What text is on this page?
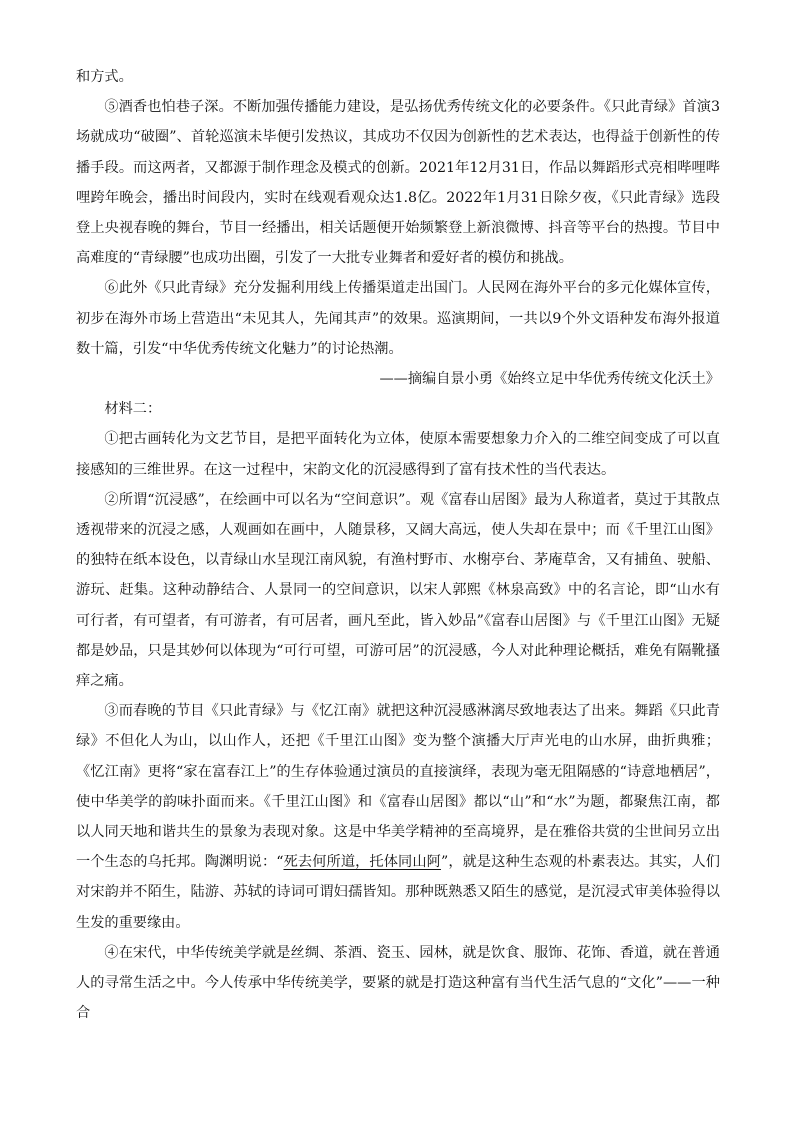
和方式。

⑤酒香也怕巷子深。不断加强传播能力建设，是弘扬优秀传统文化的必要条件。《只此青绿》首演3场就成功“破圈”、首轮巡演未毕便引发热议，其成功不仅因为创新性的艺术表达，也得益于创新性的传播手段。而这两者，又都源于制作理念及模式的创新。2021年12月31日，作品以舞蹈形式亮相哔哩哔哩跨年晚会，播出时间段内，实时在线观看观众达1.8亿。2022年1月31日除夕夜，《只此青绿》选段登上央视春晚的舞台，节目一经播出，相关话题便开始频繁登上新浪微博、抖音等平台的热搜。节目中高难度的“青绿腰”也成功出圈，引发了一大批专业舞者和爱好者的模仿和挑战。

⑥此外《只此青绿》充分发掘利用线上传播渠道走出国门。人民网在海外平台的多元化媒体宣传，初步在海外市场上营造出“未见其人，先闻其声”的效果。巡演期间，一共以9个外文语种发布海外报道数十篇，引发“中华优秀传统文化魅力”的讨论热潮。

——摘编自景小勇《始终立足中华优秀传统文化沃土》

材料二：

①把古画转化为文艺节目，是把平面转化为立体，使原本需要想象力介入的二维空间变成了可以直接感知的三维世界。在这一过程中，宋韵文化的沉浸感得到了富有技术性的当代表达。

②所谓“沉浸感”，在绘画中可以名为“空间意识”。观《富春山居图》最为人称道者，莫过于其散点透视带来的沉浸之感，人观画如在画中，人随景移，又阔大高远，使人失却在景中；而《千里江山图》的独特在纸本设色，以青绿山水呈现江南风貌，有渔村野市、水榭亭台、茅庵草舍，又有捕鱼、驶船、游玩、赶集。这种动静结合、人景同一的空间意识，以宋人郭熙《林泉高致》中的名言论，即“山水有可行者，有可望者，有可游者，有可居者，画凡至此，皆入妙品”《富春山居图》与《千里江山图》无疑都是妙品，只是其妙何以体现为“可行可望，可游可居”的沉浸感，今人对此种理论概括，难免有隔靴搔痒之痛。

③而春晚的节目《只此青绿》与《忆江南》就把这种沉浸感淋漓尽致地表达了出来。舞蹈《只此青绿》不但化人为山，以山作人，还把《千里江山图》变为整个演播大厅声光电的山水屏，曲折典雅；《忆江南》更将“家在富春江上”的生存体验通过演员的直接演绎，表现为毫无阻隔感的“诗意地栖居”，使中华美学的韵味扑面而来。《千里江山图》和《富春山居图》都以“山”和“水”为题，都聚焦江南，都以人同天地和谐共生的景象为表现对象。这是中华美学精神的至高境界，是在雅俗共赏的尘世间另立出一个生态的乌托邦。陶渊明说：“死去何所道，托体同山阿”，就是这种生态观的朴素表达。其实，人们对宋韵并不陌生，陆游、苏轼的诗词可谓妇孺皆知。那种既熟悉又陌生的感觉，是沉浸式审美体验得以生发的重要缘由。

④在宋代，中华传统美学就是丝绸、茶酒、瓷玉、园林，就是饮食、服饰、花饰、香道，就在普通人的寻常生活之中。今人传承中华传统美学，要紧的就是打造这种富有当代生活气息的“文化”——一种合
